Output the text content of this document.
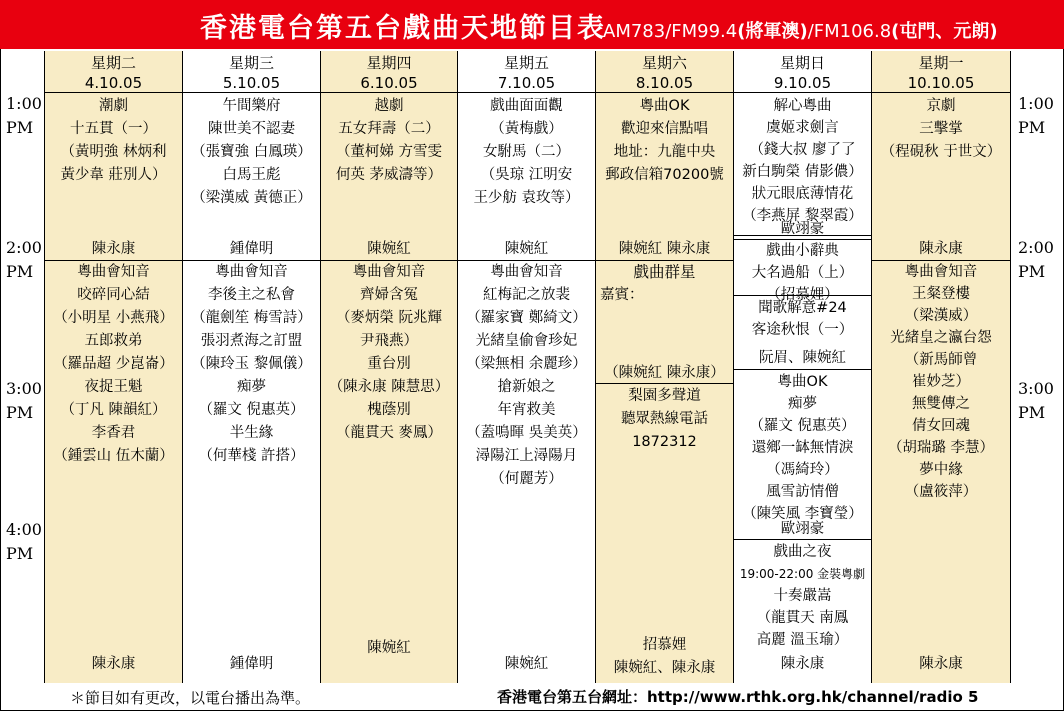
香港電台第五台戲曲天地節目表
AM783/FM99.4(將軍澳)/FM106.8(屯門、元朗)
1:00
PM
2:00
PM
3:00
PM
4:00
PM
1:00
PM
2:00
PM
3:00
PM
星期二
4.10.05
潮劇
十五貫（一）
（黃明強 林炳利
黃少韋 莊別人）
陳永康
粵曲會知音
咬碎同心結
（小明星 小燕飛）
五郎救弟
（羅品超 少崑崙）
夜捉王魁
（丁凡 陳韻紅）
李香君
（鍾雲山 伍木蘭）
陳永康
星期三
5.10.05
午間樂府
陳世美不認妻
（張寶強 白鳳瑛）
白馬王彪
（梁漢威 黃德正）
鍾偉明
粵曲會知音
李後主之私會
（龍劍笙 梅雪詩）
張羽煮海之訂盟
（陳玲玉 黎佩儀）
痴夢
（羅文 倪惠英）
半生緣
（何華棧 許搭）
鍾偉明
星期四
6.10.05
越劇
五女拜壽（二）
（董柯娣 方雪雯
何英 茅威濤等）
陳婉紅
粵曲會知音
齊婦含冤
（麥炳榮 阮兆輝
尹飛燕）
重台別
（陳永康 陳慧思）
槐蔭別
（龍貫天 麥鳳）
陳婉紅
星期五
7.10.05
戲曲面面觀
（黃梅戲）
女駙馬（二）
（吳琼 江明安
王少舫 袁玫等）
陳婉紅
粵曲會知音
紅梅記之放裴
（羅家寶 鄭綺文）
光緒皇偷會珍妃
（梁無相 余麗珍）
搶新娘之
年宵救美
（蓋鳴暉 吳美英）
潯陽江上潯陽月
（何麗芳）
陳婉紅
星期六
8.10.05
粵曲OK
歡迎來信點唱
地址：九龍中央
郵政信箱70200號
陳婉紅 陳永康
戲曲群星
嘉賓：
（陳婉紅 陳永康）
梨園多聲道
聽眾熱線電話
1872312
招慕娌
陳婉紅、陳永康
星期日
9.10.05
解心粵曲
虞姬求劍言
（錢大叔 廖了了
新白駒榮 倩影儂）
狀元眼底薄情花
（李燕屏 黎翠霞）
歐翊豪
戲曲小辭典
大名過船（上）
（招慕娌）
聞歌解意#24
客途秋恨（一）
阮眉、陳婉紅
粵曲OK
痴夢
（羅文 倪惠英）
還鄉一缽無情淚
（馮綺玲）
風雪訪情僧
（陳笑風 李寶瑩）
歐翊豪
戲曲之夜
19:00-22:00 金裝粵劇
十奏嚴嵩
（龍貫天 南鳳
高麗 溫玉瑜）
陳永康
星期一
10.10.05
京劇
三擊掌
（程硯秋 于世文）
陳永康
粵曲會知音
王粲登樓
（梁漢威）
光緒皇之瀛台怨
（新馬師曾
崔妙芝）
無雙傳之
倩女回魂
（胡瑞璐 李慧）
夢中緣
（盧筱萍）
陳永康
＊節目如有更改，以電台播出為準。	香港電台第五台網址：http://www.rthk.org.hk/channel/radio 5
